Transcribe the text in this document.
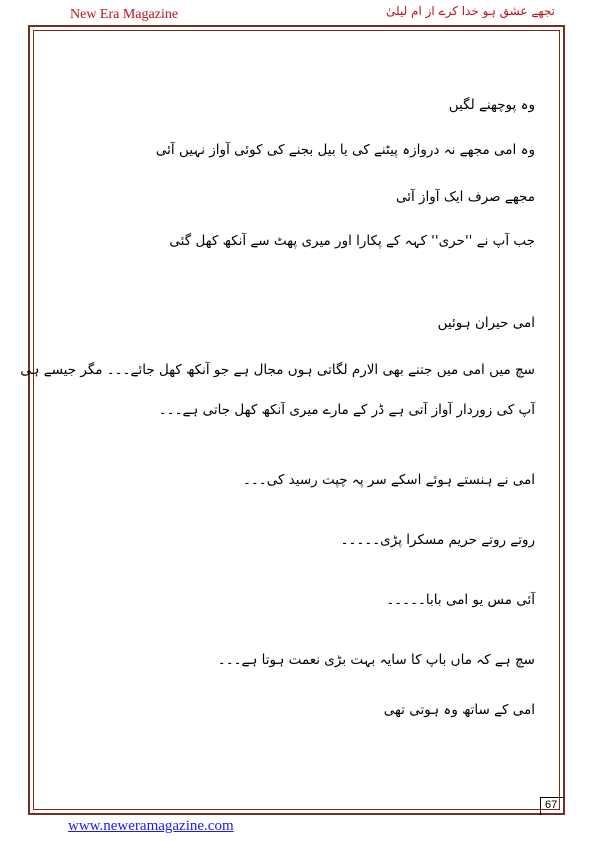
New Era Magazine	تجھے عشق ہو خدا کرے از ام لیلیٰ
وہ پوچھنے لگیں
وہ امی مجھے نہ دروازہ پیٹنے کی یا بیل بجنے کی کوئی آواز نہیں آئی
مجھے صرف ایک آواز آئی
جب آپ نے ''حری'' کہہ کے پکارا اور میری پھٹ سے آنکھ کھل گئی
امی حیران ہوئیں
سچ میں امی میں جتنے بھی الارم لگاتی ہوں مجال ہے جو آنکھ کھل جائے۔۔۔ مگر جیسے ہی
آپ کی زوردار آواز آتی ہے ڈر کے مارے میری آنکھ کھل جاتی ہے۔۔۔
امی نے ہنستے ہوئے اسکے سر پہ چپت رسید کی۔۔۔
روتے روتے حریم مسکرا پڑی۔۔۔۔۔
آئی مس یو امی بابا۔۔۔۔۔
سچ ہے کہ ماں باپ کا سایہ بہت بڑی نعمت ہوتا ہے۔۔۔
امی کے ساتھ وہ ہوتی تھی
67
www.neweramagazine.com
